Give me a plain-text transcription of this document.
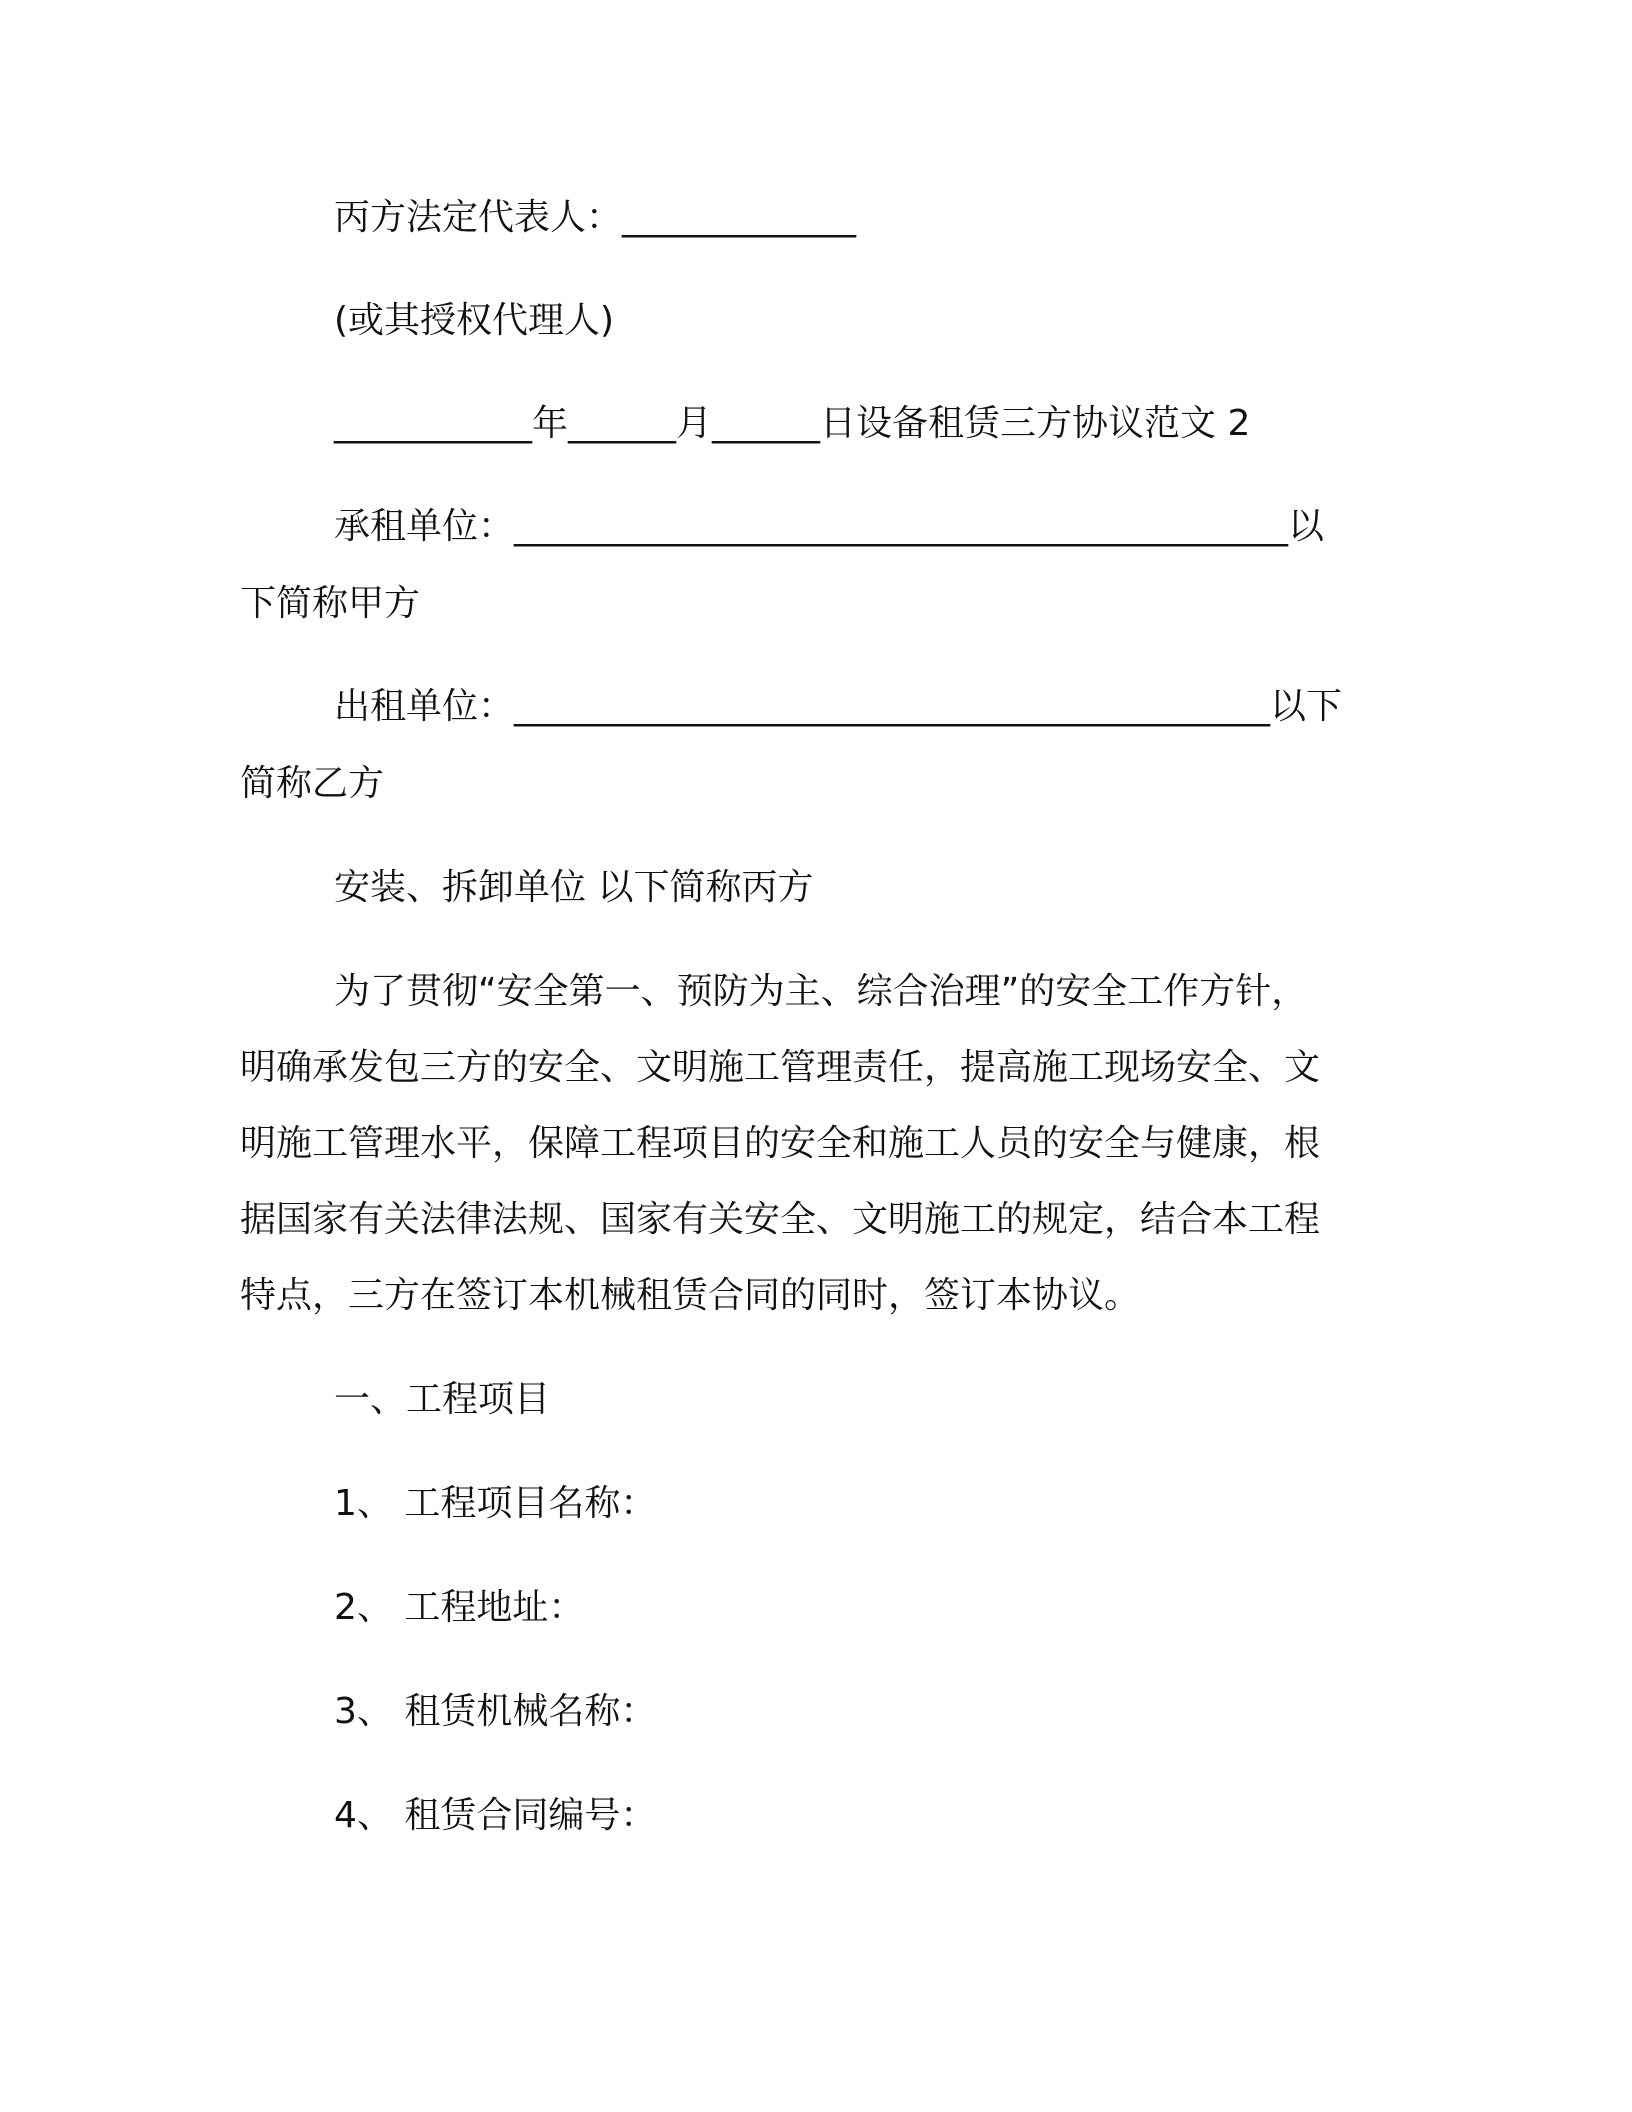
丙方法定代表人：_____________
(或其授权代理人)
___________年______月______日设备租赁三方协议范文 2
承租单位：___________________________________________以
下简称甲方
出租单位：__________________________________________以下
简称乙方
安装、拆卸单位 以下简称丙方
为了贯彻“安全第一、预防为主、综合治理”的安全工作方针，
明确承发包三方的安全、文明施工管理责任，提高施工现场安全、文
明施工管理水平，保障工程项目的安全和施工人员的安全与健康，根
据国家有关法律法规、国家有关安全、文明施工的规定，结合本工程
特点，三方在签订本机械租赁合同的同时，签订本协议。
一、工程项目
1、 工程项目名称：
2、 工程地址：
3、 租赁机械名称：
4、 租赁合同编号：
